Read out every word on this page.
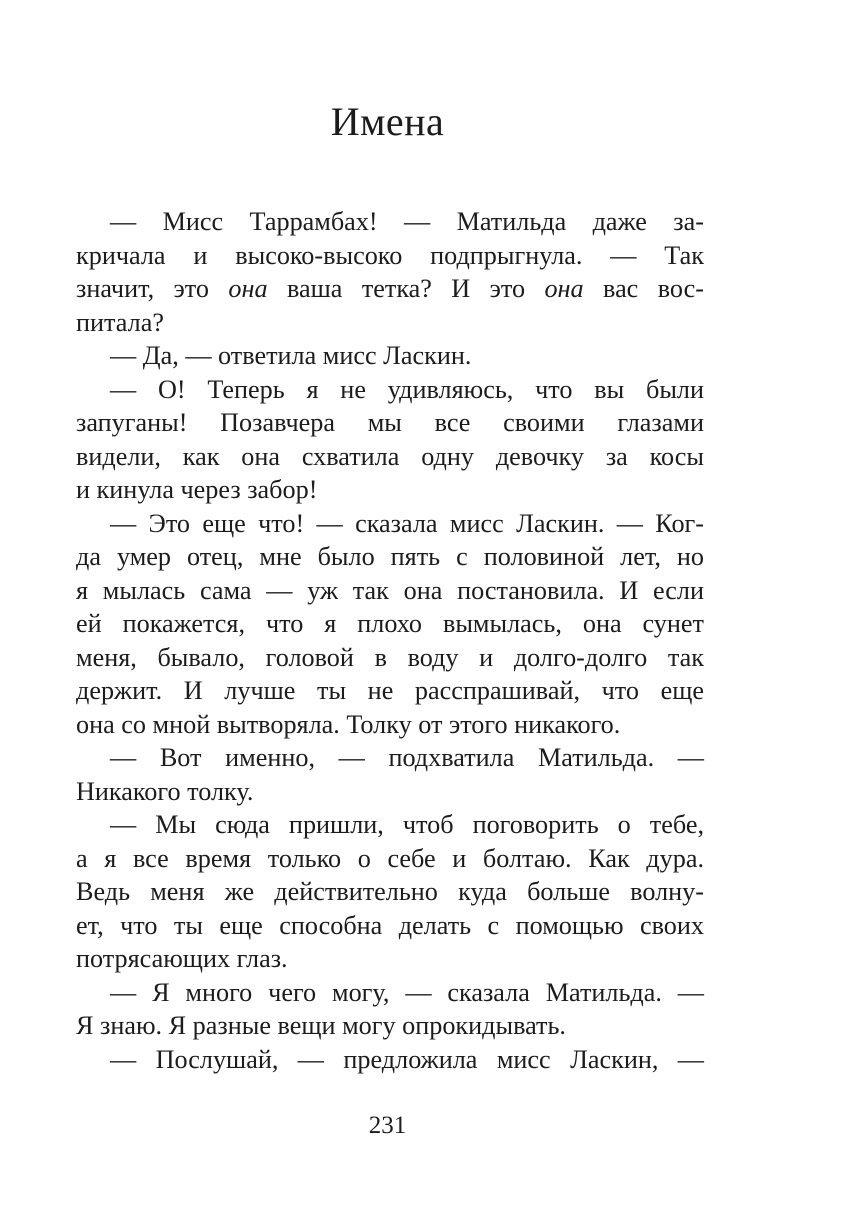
Имена
— Мисс Таррамбах! — Матильда даже за-
кричала и высоко-высоко подпрыгнула. — Так
значит, это она ваша тетка? И это она вас вос-
питала?
— Да, — ответила мисс Ласкин.
— О! Теперь я не удивляюсь, что вы были
запуганы! Позавчера мы все своими глазами
видели, как она схватила одну девочку за косы
и кинула через забор!
— Это еще что! — сказала мисс Ласкин. — Ког-
да умер отец, мне было пять с половиной лет, но
я мылась сама — уж так она постановила. И если
ей покажется, что я плохо вымылась, она сунет
меня, бывало, головой в воду и долго-долго так
держит. И лучше ты не расспрашивай, что еще
она со мной вытворяла. Толку от этого никакого.
— Вот именно, — подхватила Матильда. —
Никакого толку.
— Мы сюда пришли, чтоб поговорить о тебе,
а я все время только о себе и болтаю. Как дура.
Ведь меня же действительно куда больше волну-
ет, что ты еще способна делать с помощью своих
потрясающих глаз.
— Я много чего могу, — сказала Матильда. —
Я знаю. Я разные вещи могу опрокидывать.
— Послушай, — предложила мисс Ласкин, —
231
